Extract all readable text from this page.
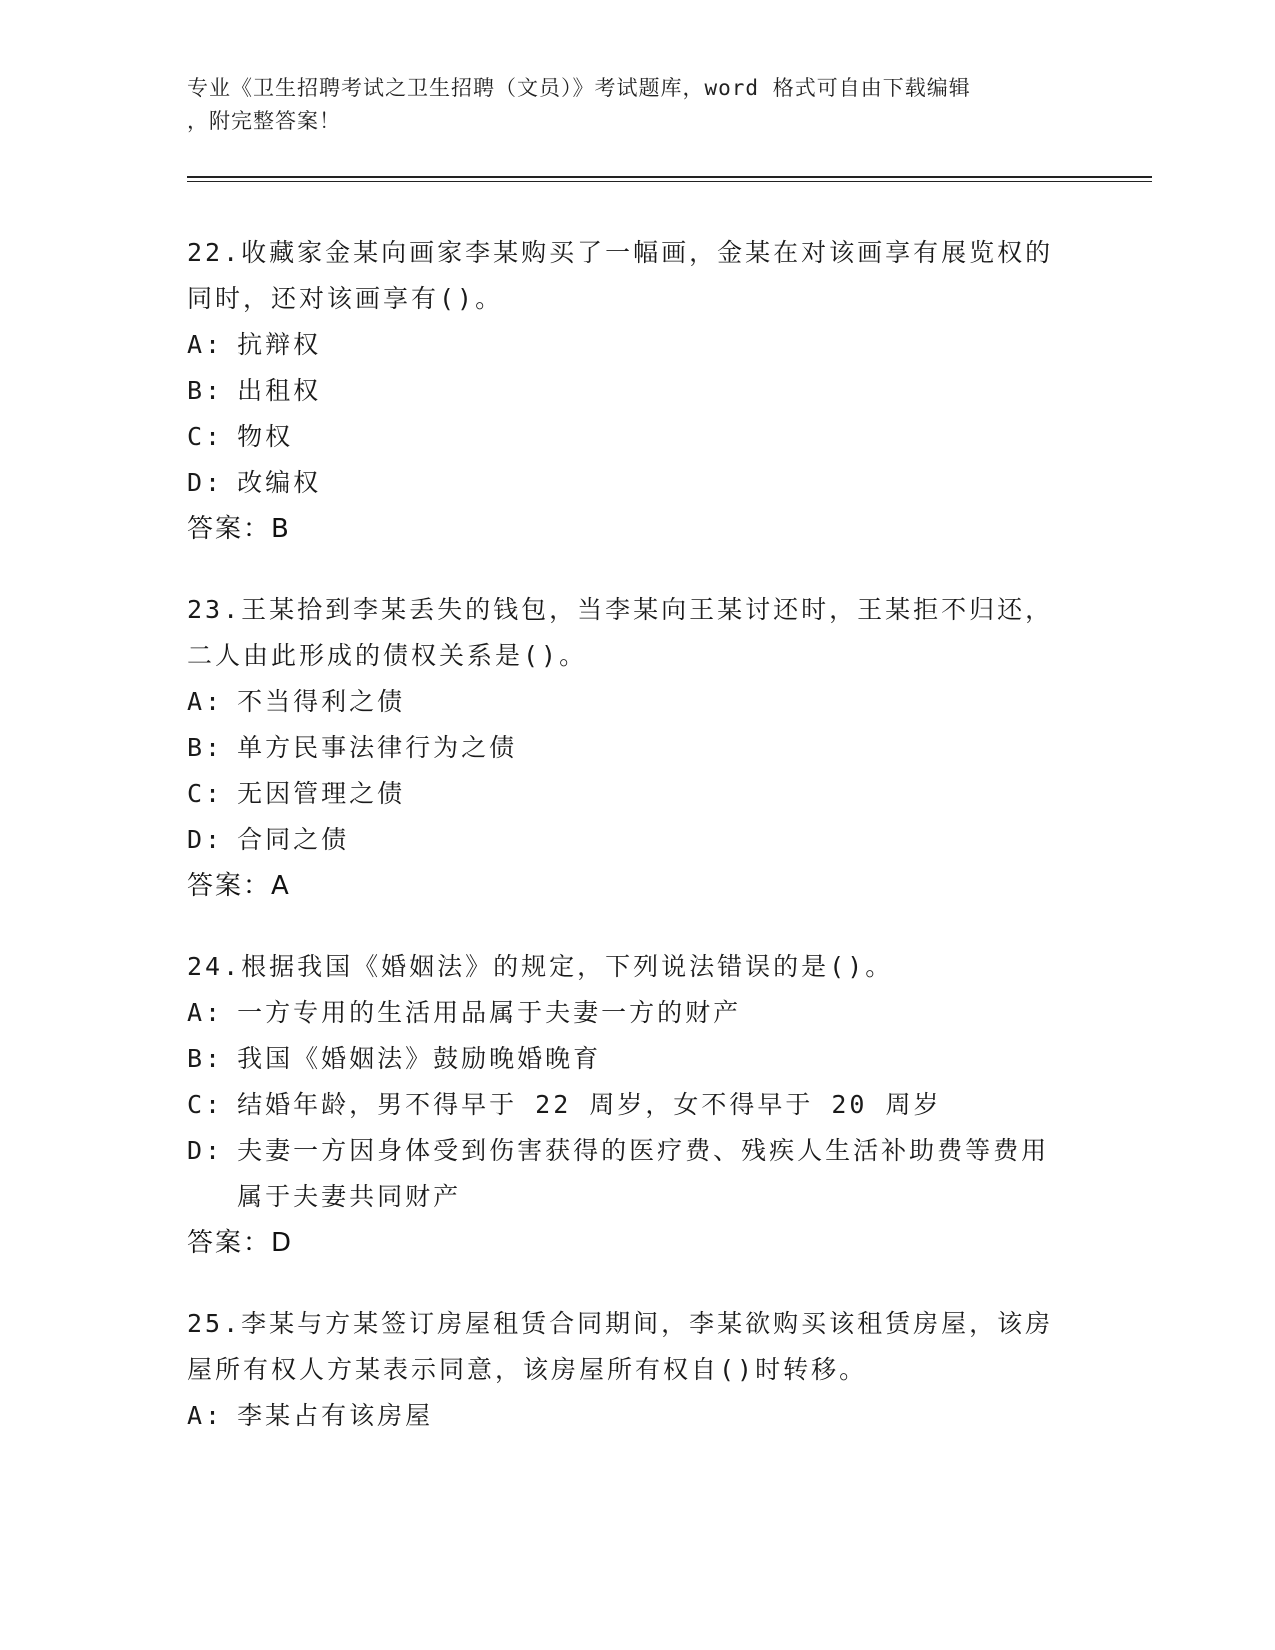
专业《卫生招聘考试之卫生招聘（文员）》考试题库，word 格式可自由下载编辑
，附完整答案！
22.收藏家金某向画家李某购买了一幅画，金某在对该画享有展览权的同时，还对该画享有()。
A: 抗辩权
B: 出租权
C: 物权
D: 改编权
答案：B
23.王某拾到李某丢失的钱包，当李某向王某讨还时，王某拒不归还，二人由此形成的债权关系是()。
A: 不当得利之债
B: 单方民事法律行为之债
C: 无因管理之债
D: 合同之债
答案：A
24.根据我国《婚姻法》的规定，下列说法错误的是()。
A: 一方专用的生活用品属于夫妻一方的财产
B: 我国《婚姻法》鼓励晚婚晚育
C: 结婚年龄，男不得早于 22 周岁，女不得早于 20 周岁
D: 夫妻一方因身体受到伤害获得的医疗费、残疾人生活补助费等费用属于夫妻共同财产
答案：D
25.李某与方某签订房屋租赁合同期间，李某欲购买该租赁房屋，该房屋所有权人方某表示同意，该房屋所有权自()时转移。
A: 李某占有该房屋
